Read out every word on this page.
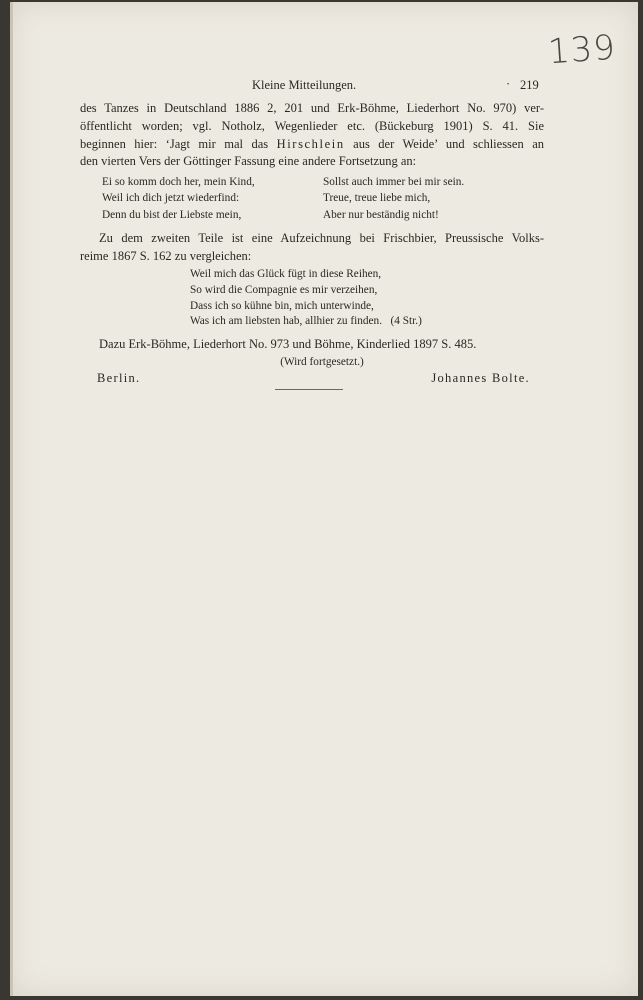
139
Kleine Mitteilungen.	· 219
des Tanzes in Deutschland 1886 2, 201 und Erk-Böhme, Liederhort No. 970) ver-
öffentlicht worden; vgl. Notholz, Wegenlieder etc. (Bückeburg 1901) S. 41. Sie
beginnen hier: ‘Jagt mir mal das Hirschlein aus der Weide’ und schliessen an
den vierten Vers der Göttinger Fassung eine andere Fortsetzung an:
Ei so komm doch her, mein Kind,
Weil ich dich jetzt wiederfind:
Denn du bist der Liebste mein,
Sollst auch immer bei mir sein.
Treue, treue liebe mich,
Aber nur beständig nicht!
Zu dem zweiten Teile ist eine Aufzeichnung bei Frischbier, Preussische Volks-
reime 1867 S. 162 zu vergleichen:
Weil mich das Glück fügt in diese Reihen,
So wird die Compagnie es mir verzeihen,
Dass ich so kühne bin, mich unterwinde,
Was ich am liebsten hab, allhier zu finden.   (4 Str.)
Dazu Erk-Böhme, Liederhort No. 973 und Böhme, Kinderlied 1897 S. 485.
(Wird fortgesetzt.)
Berlin.	Johannes Bolte.
